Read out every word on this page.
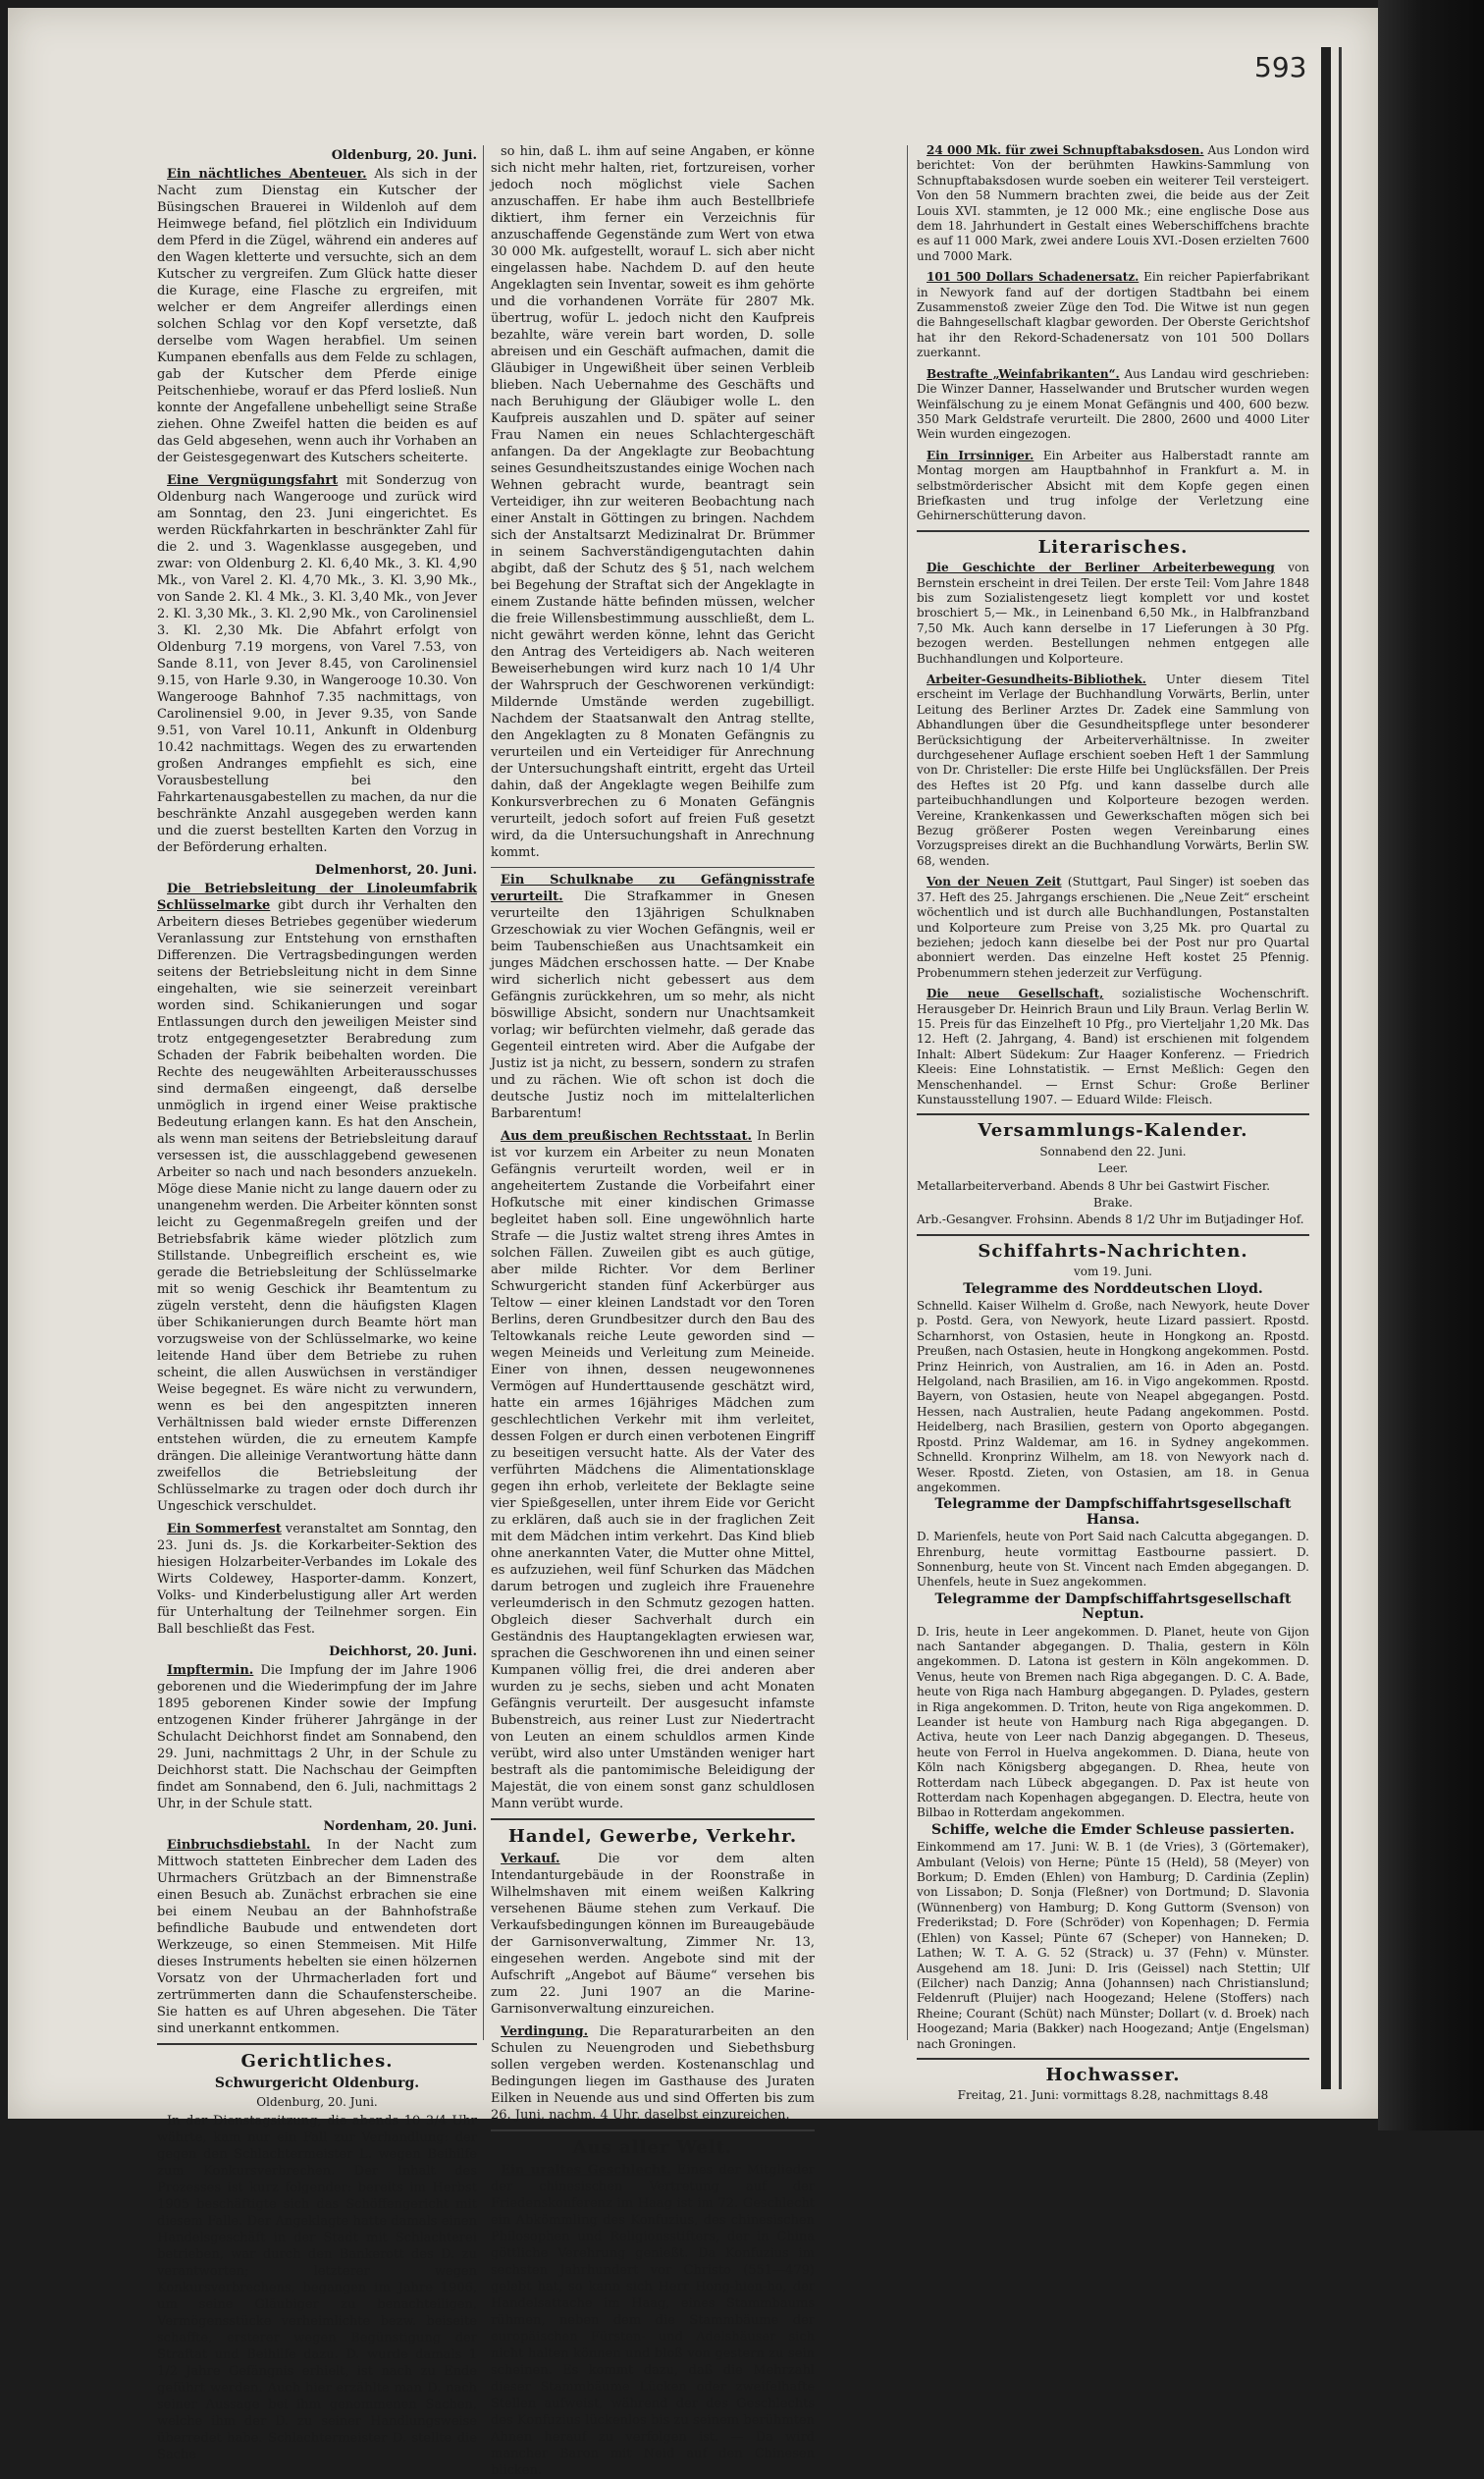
593
Oldenburg, 20. Juni.
Ein nächtliches Abenteuer. Als sich in der Nacht zum Dienstag ein Kutscher der Büsingschen Brauerei in Wildenloh auf dem Heimwege befand, fiel plötzlich ein Individuum dem Pferd in die Zügel, während ein anderes auf den Wagen kletterte und versuchte, sich an dem Kutscher zu vergreifen. Zum Glück hatte dieser die Kurage, eine Flasche zu ergreifen, mit welcher er dem Angreifer allerdings einen solchen Schlag vor den Kopf versetzte, daß derselbe vom Wagen herabfiel. Um seinen Kumpanen ebenfalls aus dem Felde zu schlagen, gab der Kutscher dem Pferde einige Peitschenhiebe, worauf er das Pferd losließ. Nun konnte der Angefallene unbehelligt seine Straße ziehen. Ohne Zweifel hatten die beiden es auf das Geld abgesehen, wenn auch ihr Vorhaben an der Geistesgegenwart des Kutschers scheiterte.
Eine Vergnügungsfahrt mit Sonderzug von Oldenburg nach Wangerooge und zurück wird am Sonntag, den 23. Juni eingerichtet. Es werden Rückfahrkarten in beschränkter Zahl für die 2. und 3. Wagenklasse ausgegeben, und zwar: von Oldenburg 2. Kl. 6,40 Mk., 3. Kl. 4,90 Mk., von Varel 2. Kl. 4,70 Mk., 3. Kl. 3,90 Mk., von Sande 2. Kl. 4 Mk., 3. Kl. 3,40 Mk., von Jever 2. Kl. 3,30 Mk., 3. Kl. 2,90 Mk., von Carolinensiel 3. Kl. 2,30 Mk. Die Abfahrt erfolgt von Oldenburg 7.19 morgens, von Varel 7.53, von Sande 8.11, von Jever 8.45, von Carolinensiel 9.15, von Harle 9.30, in Wangerooge 10.30. Von Wangerooge Bahnhof 7.35 nachmittags, von Carolinensiel 9.00, in Jever 9.35, von Sande 9.51, von Varel 10.11, Ankunft in Oldenburg 10.42 nachmittags. Wegen des zu erwartenden großen Andranges empfiehlt es sich, eine Vorausbestellung bei den Fahrkartenausgabestellen zu machen, da nur die beschränkte Anzahl ausgegeben werden kann und die zuerst bestellten Karten den Vorzug in der Beförderung erhalten.
Delmenhorst, 20. Juni.
Die Betriebsleitung der Linoleumfabrik Schlüsselmarke gibt durch ihr Verhalten den Arbeitern dieses Betriebes gegenüber wiederum Veranlassung zur Entstehung von ernsthaften Differenzen. Die Vertragsbedingungen werden seitens der Betriebsleitung nicht in dem Sinne eingehalten, wie sie seinerzeit vereinbart worden sind. Schikanierungen und sogar Entlassungen durch den jeweiligen Meister sind trotz entgegengesetzter Berabredung zum Schaden der Fabrik beibehalten worden. Die Rechte des neugewählten Arbeiterausschusses sind dermaßen eingeengt, daß derselbe unmöglich in irgend einer Weise praktische Bedeutung erlangen kann. Es hat den Anschein, als wenn man seitens der Betriebsleitung darauf versessen ist, die ausschlaggebend gewesenen Arbeiter so nach und nach besonders anzuekeln. Möge diese Manie nicht zu lange dauern oder zu unangenehm werden. Die Arbeiter könnten sonst leicht zu Gegenmaßregeln greifen und der Betriebsfabrik käme wieder plötzlich zum Stillstande. Unbegreiflich erscheint es, wie gerade die Betriebsleitung der Schlüsselmarke mit so wenig Geschick ihr Beamtentum zu zügeln versteht, denn die häufigsten Klagen über Schikanierungen durch Beamte hört man vorzugsweise von der Schlüsselmarke, wo keine leitende Hand über dem Betriebe zu ruhen scheint, die allen Auswüchsen in verständiger Weise begegnet. Es wäre nicht zu verwundern, wenn es bei den angespitzten inneren Verhältnissen bald wieder ernste Differenzen entstehen würden, die zu erneutem Kampfe drängen. Die alleinige Verantwortung hätte dann zweifellos die Betriebsleitung der Schlüsselmarke zu tragen oder doch durch ihr Ungeschick verschuldet.
Ein Sommerfest veranstaltet am Sonntag, den 23. Juni ds. Js. die Korkarbeiter-Sektion des hiesigen Holzarbeiter-Verbandes im Lokale des Wirts Coldewey, Hasporter-damm. Konzert, Volks- und Kinderbelustigung aller Art werden für Unterhaltung der Teilnehmer sorgen. Ein Ball beschließt das Fest.
Deichhorst, 20. Juni.
Impftermin. Die Impfung der im Jahre 1906 geborenen und die Wiederimpfung der im Jahre 1895 geborenen Kinder sowie der Impfung entzogenen Kinder früherer Jahrgänge in der Schulacht Deichhorst findet am Sonnabend, den 29. Juni, nachmittags 2 Uhr, in der Schule zu Deichhorst statt. Die Nachschau der Geimpften findet am Sonnabend, den 6. Juli, nachmittags 2 Uhr, in der Schule statt.
Nordenham, 20. Juni.
Einbruchsdiebstahl. In der Nacht zum Mittwoch statteten Einbrecher dem Laden des Uhrmachers Grützbach an der Bimnenstraße einen Besuch ab. Zunächst erbrachen sie eine bei einem Neubau an der Bahnhofstraße befindliche Baubude und entwendeten dort Werkzeuge, so einen Stemmeisen. Mit Hilfe dieses Instruments hebelten sie einen hölzernen Vorsatz von der Uhrmacherladen fort und zertrümmerten dann die Schaufensterscheibe. Sie hatten es auf Uhren abgesehen. Die Täter sind unerkannt entkommen.
Gerichtliches.
Schwurgericht Oldenburg.
Oldenburg, 20. Juni.
In der Dienstagsitzung, die abends 10 3/4 Uhr währte, kam nur ein Fall zur Verhandlung: der gegen den Schlachtermeister L. wegen Beihilfe zum Konkursverbrechen. Der Inhalt des Prozesses ist kurz folgender: bereits im Herbst 1905 beschäftigte sich das Schöffengericht mit diesem Falle. Der Angeklagte hatte damals einen Handelsgeschäft in der Stadt mit Schlachterei betrieben, war durch den Bankerott des D. zu verantworten; letzterer wegen Konkursverbrechens, begangen im Jahre 1906, um seine Gläubiger zu benachteiligen, Vermögensstücke verheimlichte bezw. beiseite schaffte, ersterer wegen Begünstigung der Straftat und Beihilfe dazu. D. wurde damals 1 1/2 Jahre Gefängnis erhielt, ist nach zu Ende geführt werden. Auch hier erzählte man D. nach seiner Aussage bei ihm genommenen Sachen, welche ihm der D. zu seiner Handlungsweise überredet habe. Schlachtermeister D. stellte die Sache
so hin, daß L. ihm auf seine Angaben, er könne sich nicht mehr halten, riet, fortzureisen, vorher jedoch noch möglichst viele Sachen anzuschaffen. Er habe ihm auch Bestellbriefe diktiert, ihm ferner ein Verzeichnis für anzuschaffende Gegenstände zum Wert von etwa 30 000 Mk. aufgestellt, worauf L. sich aber nicht eingelassen habe. Nachdem D. auf den heute Angeklagten sein Inventar, soweit es ihm gehörte und die vorhandenen Vorräte für 2807 Mk. übertrug, wofür L. jedoch nicht den Kaufpreis bezahlte, wäre verein bart worden, D. solle abreisen und ein Geschäft aufmachen, damit die Gläubiger in Ungewißheit über seinen Verbleib blieben. Nach Uebernahme des Geschäfts und nach Beruhigung der Gläubiger wolle L. den Kaufpreis auszahlen und D. später auf seiner Frau Namen ein neues Schlachtergeschäft anfangen. Da der Angeklagte zur Beobachtung seines Gesundheitszustandes einige Wochen nach Wehnen gebracht wurde, beantragt sein Verteidiger, ihn zur weiteren Beobachtung nach einer Anstalt in Göttingen zu bringen. Nachdem sich der Anstaltsarzt Medizinalrat Dr. Brümmer in seinem Sachverständigengutachten dahin abgibt, daß der Schutz des § 51, nach welchem bei Begehung der Straftat sich der Angeklagte in einem Zustande hätte befinden müssen, welcher die freie Willensbestimmung ausschließt, dem L. nicht gewährt werden könne, lehnt das Gericht den Antrag des Verteidigers ab. Nach weiteren Beweiserhebungen wird kurz nach 10 1/4 Uhr der Wahrspruch der Geschworenen verkündigt: Mildernde Umstände werden zugebilligt. Nachdem der Staatsanwalt den Antrag stellte, den Angeklagten zu 8 Monaten Gefängnis zu verurteilen und ein Verteidiger für Anrechnung der Untersuchungshaft eintritt, ergeht das Urteil dahin, daß der Angeklagte wegen Beihilfe zum Konkursverbrechen zu 6 Monaten Gefängnis verurteilt, jedoch sofort auf freien Fuß gesetzt wird, da die Untersuchungshaft in Anrechnung kommt.
Ein Schulknabe zu Gefängnisstrafe verurteilt. Die Strafkammer in Gnesen verurteilte den 13jährigen Schulknaben Grzeschowiak zu vier Wochen Gefängnis, weil er beim Taubenschießen aus Unachtsamkeit ein junges Mädchen erschossen hatte. — Der Knabe wird sicherlich nicht gebessert aus dem Gefängnis zurückkehren, um so mehr, als nicht böswillige Absicht, sondern nur Unachtsamkeit vorlag; wir befürchten vielmehr, daß gerade das Gegenteil eintreten wird. Aber die Aufgabe der Justiz ist ja nicht, zu bessern, sondern zu strafen und zu rächen. Wie oft schon ist doch die deutsche Justiz noch im mittelalterlichen Barbarentum!
Aus dem preußischen Rechtsstaat. In Berlin ist vor kurzem ein Arbeiter zu neun Monaten Gefängnis verurteilt worden, weil er in angeheitertem Zustande die Vorbeifahrt einer Hofkutsche mit einer kindischen Grimasse begleitet haben soll. Eine ungewöhnlich harte Strafe — die Justiz waltet streng ihres Amtes in solchen Fällen. Zuweilen gibt es auch gütige, aber milde Richter. Vor dem Berliner Schwurgericht standen fünf Ackerbürger aus Teltow — einer kleinen Landstadt vor den Toren Berlins, deren Grundbesitzer durch den Bau des Teltowkanals reiche Leute geworden sind — wegen Meineids und Verleitung zum Meineide. Einer von ihnen, dessen neugewonnenes Vermögen auf Hunderttausende geschätzt wird, hatte ein armes 16jähriges Mädchen zum geschlechtlichen Verkehr mit ihm verleitet, dessen Folgen er durch einen verbotenen Eingriff zu beseitigen versucht hatte. Als der Vater des verführten Mädchens die Alimentationsklage gegen ihn erhob, verleitete der Beklagte seine vier Spießgesellen, unter ihrem Eide vor Gericht zu erklären, daß auch sie in der fraglichen Zeit mit dem Mädchen intim verkehrt. Das Kind blieb ohne anerkannten Vater, die Mutter ohne Mittel, es aufzuziehen, weil fünf Schurken das Mädchen darum betrogen und zugleich ihre Frauenehre verleumderisch in den Schmutz gezogen hatten. Obgleich dieser Sachverhalt durch ein Geständnis des Hauptangeklagten erwiesen war, sprachen die Geschworenen ihn und einen seiner Kumpanen völlig frei, die drei anderen aber wurden zu je sechs, sieben und acht Monaten Gefängnis verurteilt. Der ausgesucht infamste Bubenstreich, aus reiner Lust zur Niedertracht von Leuten an einem schuldlos armen Kinde verübt, wird also unter Umständen weniger hart bestraft als die pantomimische Beleidigung der Majestät, die von einem sonst ganz schuldlosen Mann verübt wurde.
Handel, Gewerbe, Verkehr.
Verkauf.	Die vor dem alten Intendanturgebäude in der Roonstraße in Wilhelmshaven mit einem weißen Kalkring versehenen Bäume stehen zum Verkauf. Die Verkaufsbedingungen können im Bureaugebäude der Garnisonverwaltung, Zimmer Nr. 13, eingesehen werden. Angebote sind mit der Aufschrift „Angebot auf Bäume“ versehen bis zum 22. Juni 1907 an die Marine-Garnisonverwaltung einzureichen.
Verdingung. Die Reparaturarbeiten an den Schulen zu Neuengroden und Siebethsburg sollen vergeben werden. Kostenanschlag und Bedingungen liegen im Gasthause des Juraten Eilken in Neuende aus und sind Offerten bis zum 26. Juni, nachm. 4 Uhr, daselbst einzureichen.
Aus aller Welt.
Ein uraltes Geschlecht. Eines der Mitglieder der chinesischen Vertretung auf der Friedenskonferenz im Haag ist im 72. Geschlecht ein Abkömmling des Konfuzius, des chinesischen Philosophen und Religionsstifters, der in China göttliche Verehrung genießt. Da Konfuzius im sechsten Jahrhundert vor Christo (551—479) gelebt hat, so kann sich Herr Hong-hien-ho, der Handelsattache im Haag, eines Stammbaums rühmen, neben dem die Stammbäume der europäischen Fürsten- und Adelshäuser sich nicht halten können und bloß von gestern zu sein scheinen. Es kommt dazu, daß die Mehrzahl dieser Stammbäume Lücken oder zweifelhafte Stellen aufweist, während der des Geschlechts des Konfuzius lückenlos bis zu seinem berühmten Ahnen herauf zu verfolgen ist. — Da wird mancher Baron mit Neid auf den Chinesen blicken.
24 000 Mk. für zwei Schnupftabaksdosen. Aus London wird berichtet: Von der berühmten Hawkins-Sammlung von Schnupftabaksdosen wurde soeben ein weiterer Teil versteigert. Von den 58 Nummern brachten zwei, die beide aus der Zeit Louis XVI. stammten, je 12 000 Mk.; eine englische Dose aus dem 18. Jahrhundert in Gestalt eines Weberschiffchens brachte es auf 11 000 Mark, zwei andere Louis XVI.-Dosen erzielten 7600 und 7000 Mark.
101 500 Dollars Schadenersatz. Ein reicher Papierfabrikant in Newyork fand auf der dortigen Stadtbahn bei einem Zusammenstoß zweier Züge den Tod. Die Witwe ist nun gegen die Bahngesellschaft klagbar geworden. Der Oberste Gerichtshof hat ihr den Rekord-Schadenersatz von 101 500 Dollars zuerkannt.
Bestrafte „Weinfabrikanten“. Aus Landau wird geschrieben: Die Winzer Danner, Hasselwander und Brutscher wurden wegen Weinfälschung zu je einem Monat Gefängnis und 400, 600 bezw. 350 Mark Geldstrafe verurteilt. Die 2800, 2600 und 4000 Liter Wein wurden eingezogen.
Ein Irrsinniger. Ein Arbeiter aus Halberstadt rannte am Montag morgen am Hauptbahnhof in Frankfurt a. M. in selbstmörderischer Absicht mit dem Kopfe gegen einen Briefkasten und trug infolge der Verletzung eine Gehirnerschütterung davon.
Literarisches.
Die Geschichte der Berliner Arbeiterbewegung von Bernstein erscheint in drei Teilen. Der erste Teil: Vom Jahre 1848 bis zum Sozialistengesetz liegt komplett vor und kostet broschiert 5,— Mk., in Leinenband 6,50 Mk., in Halbfranzband 7,50 Mk. Auch kann derselbe in 17 Lieferungen à 30 Pfg. bezogen werden. Bestellungen nehmen entgegen alle Buchhandlungen und Kolporteure.
Arbeiter-Gesundheits-Bibliothek. Unter diesem Titel erscheint im Verlage der Buchhandlung Vorwärts, Berlin, unter Leitung des Berliner Arztes Dr. Zadek eine Sammlung von Abhandlungen über die Gesundheitspflege unter besonderer Berücksichtigung der Arbeiterverhältnisse. In zweiter durchgesehener Auflage erschient soeben Heft 1 der Sammlung von Dr. Christeller: Die erste Hilfe bei Unglücksfällen. Der Preis des Heftes ist 20 Pfg. und kann dasselbe durch alle parteibuchhandlungen und Kolporteure bezogen werden. Vereine, Krankenkassen und Gewerkschaften mögen sich bei Bezug größerer Posten wegen Vereinbarung eines Vorzugspreises direkt an die Buchhandlung Vorwärts, Berlin SW. 68, wenden.
Von der Neuen Zeit (Stuttgart, Paul Singer) ist soeben das 37. Heft des 25. Jahrgangs erschienen. Die „Neue Zeit“ erscheint wöchentlich und ist durch alle Buchhandlungen, Postanstalten und Kolporteure zum Preise von 3,25 Mk. pro Quartal zu beziehen; jedoch kann dieselbe bei der Post nur pro Quartal abonniert werden. Das einzelne Heft kostet 25 Pfennig. Probenummern stehen jederzeit zur Verfügung.
Die neue Gesellschaft, sozialistische Wochenschrift. Herausgeber Dr. Heinrich Braun und Lily Braun. Verlag Berlin W. 15. Preis für das Einzelheft 10 Pfg., pro Vierteljahr 1,20 Mk. Das 12. Heft (2. Jahrgang, 4. Band) ist erschienen mit folgendem Inhalt: Albert Südekum: Zur Haager Konferenz. — Friedrich Kleeis: Eine Lohnstatistik. — Ernst Meßlich: Gegen den Menschenhandel. — Ernst Schur: Große Berliner Kunstausstellung 1907. — Eduard Wilde: Fleisch.
Versammlungs-Kalender.
Sonnabend den 22. Juni.
Leer.
Metallarbeiterverband. Abends 8 Uhr bei Gastwirt Fischer.
Brake.
Arb.-Gesangver. Frohsinn. Abends 8 1/2 Uhr im Butjadinger Hof.
Schiffahrts-Nachrichten.
vom 19. Juni.
Telegramme des Norddeutschen Lloyd.
Schnelld. Kaiser Wilhelm d. Große, nach Newyork, heute Dover p. Postd. Gera, von Newyork, heute Lizard passiert. Rpostd. Scharnhorst, von Ostasien, heute in Hongkong an. Rpostd. Preußen, nach Ostasien, heute in Hongkong angekommen. Postd. Prinz Heinrich, von Australien, am 16. in Aden an. Postd. Helgoland, nach Brasilien, am 16. in Vigo angekommen. Rpostd. Bayern, von Ostasien, heute von Neapel abgegangen. Postd. Hessen, nach Australien, heute Padang angekommen. Postd. Heidelberg, nach Brasilien, gestern von Oporto abgegangen. Rpostd. Prinz Waldemar, am 16. in Sydney angekommen. Schnelld. Kronprinz Wilhelm, am 18. von Newyork nach d. Weser. Rpostd. Zieten, von Ostasien, am 18. in Genua angekommen.
Telegramme der Dampfschiffahrtsgesellschaft Hansa.
D. Marienfels, heute von Port Said nach Calcutta abgegangen. D. Ehrenburg, heute vormittag Eastbourne passiert. D. Sonnenburg, heute von St. Vincent nach Emden abgegangen. D. Uhenfels, heute in Suez angekommen.
Telegramme der Dampfschiffahrtsgesellschaft Neptun.
D. Iris, heute in Leer angekommen. D. Planet, heute von Gijon nach Santander abgegangen. D. Thalia, gestern in Köln angekommen. D. Latona ist gestern in Köln angekommen. D. Venus, heute von Bremen nach Riga abgegangen. D. C. A. Bade, heute von Riga nach Hamburg abgegangen. D. Pylades, gestern in Riga angekommen. D. Triton, heute von Riga angekommen. D. Leander ist heute von Hamburg nach Riga abgegangen. D. Activa, heute von Leer nach Danzig abgegangen. D. Theseus, heute von Ferrol in Huelva angekommen. D. Diana, heute von Köln nach Königsberg abgegangen. D. Rhea, heute von Rotterdam nach Lübeck abgegangen. D. Pax ist heute von Rotterdam nach Kopenhagen abgegangen. D. Electra, heute von Bilbao in Rotterdam angekommen.
Schiffe, welche die Emder Schleuse passierten.
Einkommend am 17. Juni: W. B. 1 (de Vries), 3 (Görtemaker), Ambulant (Velois) von Herne; Pünte 15 (Held), 58 (Meyer) von Borkum; D. Emden (Ehlen) von Hamburg; D. Cardinia (Zeplin) von Lissabon; D. Sonja (Fleßner) von Dortmund; D. Slavonia (Wünnenberg) von Hamburg; D. Kong Guttorm (Svenson) von Frederikstad; D. Fore (Schröder) von Kopenhagen; D. Fermia (Ehlen) von Kassel; Pünte 67 (Scheper) von Hanneken; D. Lathen; W. T. A. G. 52 (Strack) u. 37 (Fehn) v. Münster. Ausgehend am 18. Juni: D. Iris (Geissel) nach Stettin; Ulf (Eilcher) nach Danzig; Anna (Johannsen) nach Christianslund; Feldenruft (Pluijer) nach Hoogezand; Helene (Stoffers) nach Rheine; Courant (Schüt) nach Münster; Dollart (v. d. Broek) nach Hoogezand; Maria (Bakker) nach Hoogezand; Antje (Engelsman) nach Groningen.
Hochwasser.
Freitag, 21. Juni: vormittags 8.28, nachmittags 8.48
